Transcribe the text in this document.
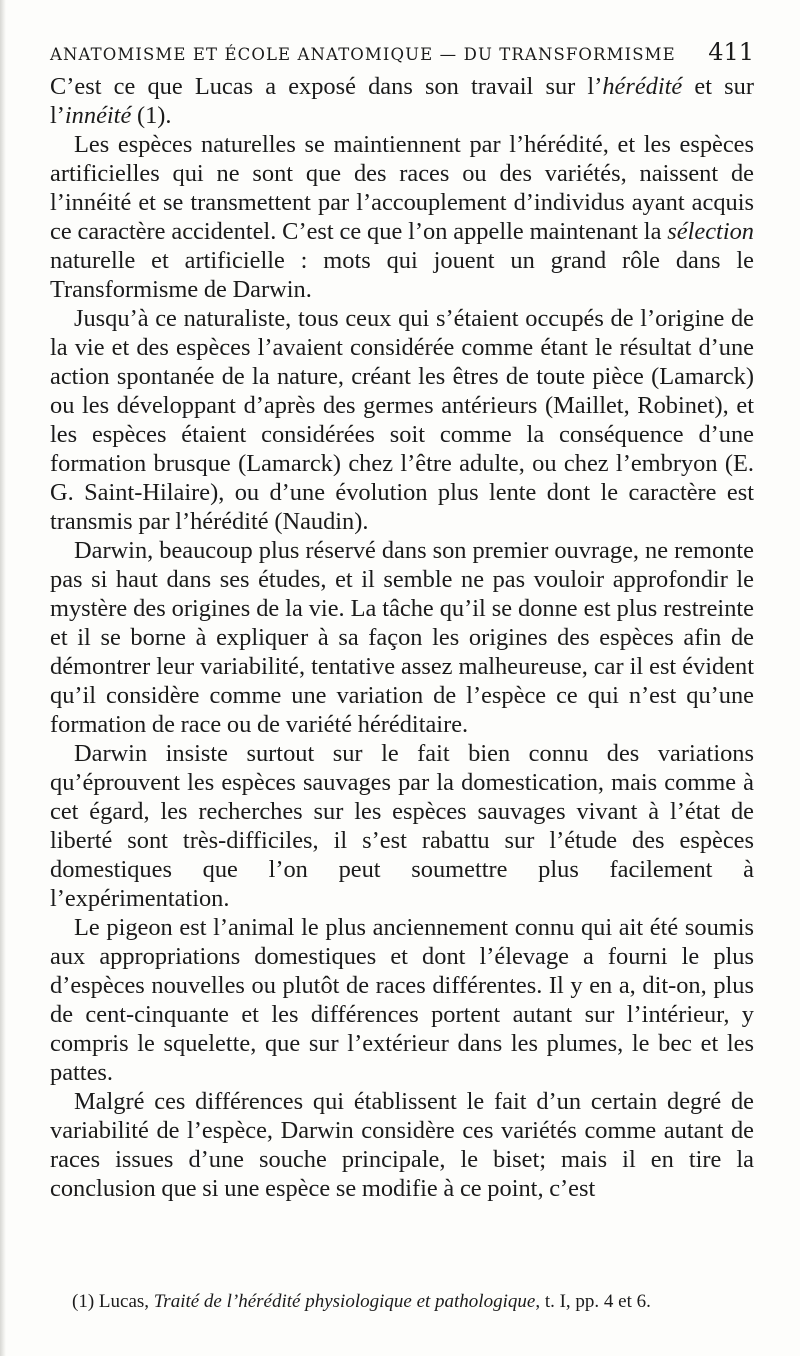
ANATOMISME ET ÉCOLE ANATOMIQUE — DU TRANSFORMISME 411

C’est ce que Lucas a exposé dans son travail sur l’hérédité et sur l’innéité (1).

Les espèces naturelles se maintiennent par l’hérédité, et les espèces artificielles qui ne sont que des races ou des variétés, naissent de l’innéité et se transmettent par l’accouplement d’individus ayant acquis ce caractère accidentel. C’est ce que l’on appelle maintenant la sélection naturelle et artificielle : mots qui jouent un grand rôle dans le Transformisme de Darwin.

Jusqu’à ce naturaliste, tous ceux qui s’étaient occupés de l’origine de la vie et des espèces l’avaient considérée comme étant le résultat d’une action spontanée de la nature, créant les êtres de toute pièce (Lamarck) ou les développant d’après des germes antérieurs (Maillet, Robinet), et les espèces étaient considérées soit comme la conséquence d’une formation brusque (Lamarck) chez l’être adulte, ou chez l’embryon (E. G. Saint-Hilaire), ou d’une évolution plus lente dont le caractère est transmis par l’hérédité (Naudin).

Darwin, beaucoup plus réservé dans son premier ouvrage, ne remonte pas si haut dans ses études, et il semble ne pas vouloir approfondir le mystère des origines de la vie. La tâche qu’il se donne est plus restreinte et il se borne à expliquer à sa façon les origines des espèces afin de démontrer leur variabilité, tentative assez malheureuse, car il est évident qu’il considère comme une variation de l’espèce ce qui n’est qu’une formation de race ou de variété héréditaire.

Darwin insiste surtout sur le fait bien connu des variations qu’éprouvent les espèces sauvages par la domestication, mais comme à cet égard, les recherches sur les espèces sauvages vivant à l’état de liberté sont très-difficiles, il s’est rabattu sur l’étude des espèces domestiques que l’on peut soumettre plus facilement à l’expérimentation.

Le pigeon est l’animal le plus anciennement connu qui ait été soumis aux appropriations domestiques et dont l’élevage a fourni le plus d’espèces nouvelles ou plutôt de races différentes. Il y en a, dit-on, plus de cent-cinquante et les différences portent autant sur l’intérieur, y compris le squelette, que sur l’extérieur dans les plumes, le bec et les pattes.

Malgré ces différences qui établissent le fait d’un certain degré de variabilité de l’espèce, Darwin considère ces variétés comme autant de races issues d’une souche principale, le biset; mais il en tire la conclusion que si une espèce se modifie à ce point, c’est

(1) Lucas, Traité de l’hérédité physiologique et pathologique, t. I, pp. 4 et 6.
